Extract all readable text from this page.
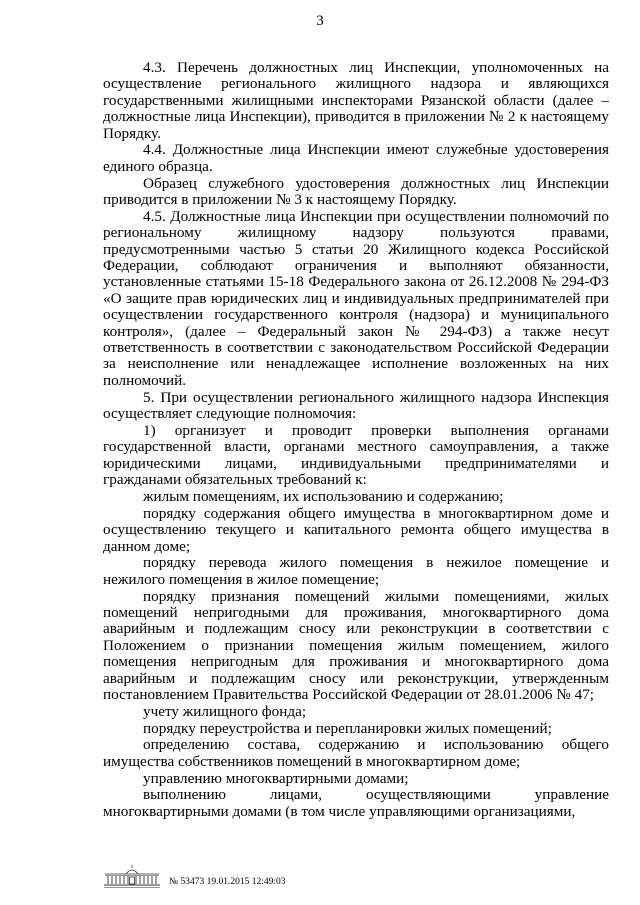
3

4.3. Перечень должностных лиц Инспекции, уполномоченных на осуществление регионального жилищного надзора и являющихся государственными жилищными инспекторами Рязанской области (далее – должностные лица Инспекции), приводится в приложении № 2 к настоящему Порядку.

4.4. Должностные лица Инспекции имеют служебные удостоверения единого образца.

Образец служебного удостоверения должностных лиц Инспекции приводится в приложении № 3 к настоящему Порядку.

4.5. Должностные лица Инспекции при осуществлении полномочий по региональному жилищному надзору пользуются правами, предусмотренными частью 5 статьи 20 Жилищного кодекса Российской Федерации, соблюдают ограничения и выполняют обязанности, установленные статьями 15-18 Федерального закона от 26.12.2008 № 294-ФЗ «О защите прав юридических лиц и индивидуальных предпринимателей при осуществлении государственного контроля (надзора) и муниципального контроля», (далее – Федеральный закон № 294-ФЗ) а также несут ответственность в соответствии с законодательством Российской Федерации за неисполнение или ненадлежащее исполнение возложенных на них полномочий.

5. При осуществлении регионального жилищного надзора Инспекция осуществляет следующие полномочия:

1) организует и проводит проверки выполнения органами государственной власти, органами местного самоуправления, а также юридическими лицами, индивидуальными предпринимателями и гражданами обязательных требований к:

жилым помещениям, их использованию и содержанию;

порядку содержания общего имущества в многоквартирном доме и осуществлению текущего и капитального ремонта общего имущества в данном доме;

порядку перевода жилого помещения в нежилое помещение и нежилого помещения в жилое помещение;

порядку признания помещений жилыми помещениями, жилых помещений непригодными для проживания, многоквартирного дома аварийным и подлежащим сносу или реконструкции в соответствии с Положением о признании помещения жилым помещением, жилого помещения непригодным для проживания и многоквартирного дома аварийным и подлежащим сносу или реконструкции, утвержденным постановлением Правительства Российской Федерации от 28.01.2006 № 47;

учету жилищного фонда;

порядку переустройства и перепланировки жилых помещений;

определению состава, содержанию и использованию общего имущества собственников помещений в многоквартирном доме;

управлению многоквартирными домами;

выполнению лицами, осуществляющими управление многоквартирными домами (в том числе управляющими организациями,

№ 53473 19.01.2015 12:49:03
